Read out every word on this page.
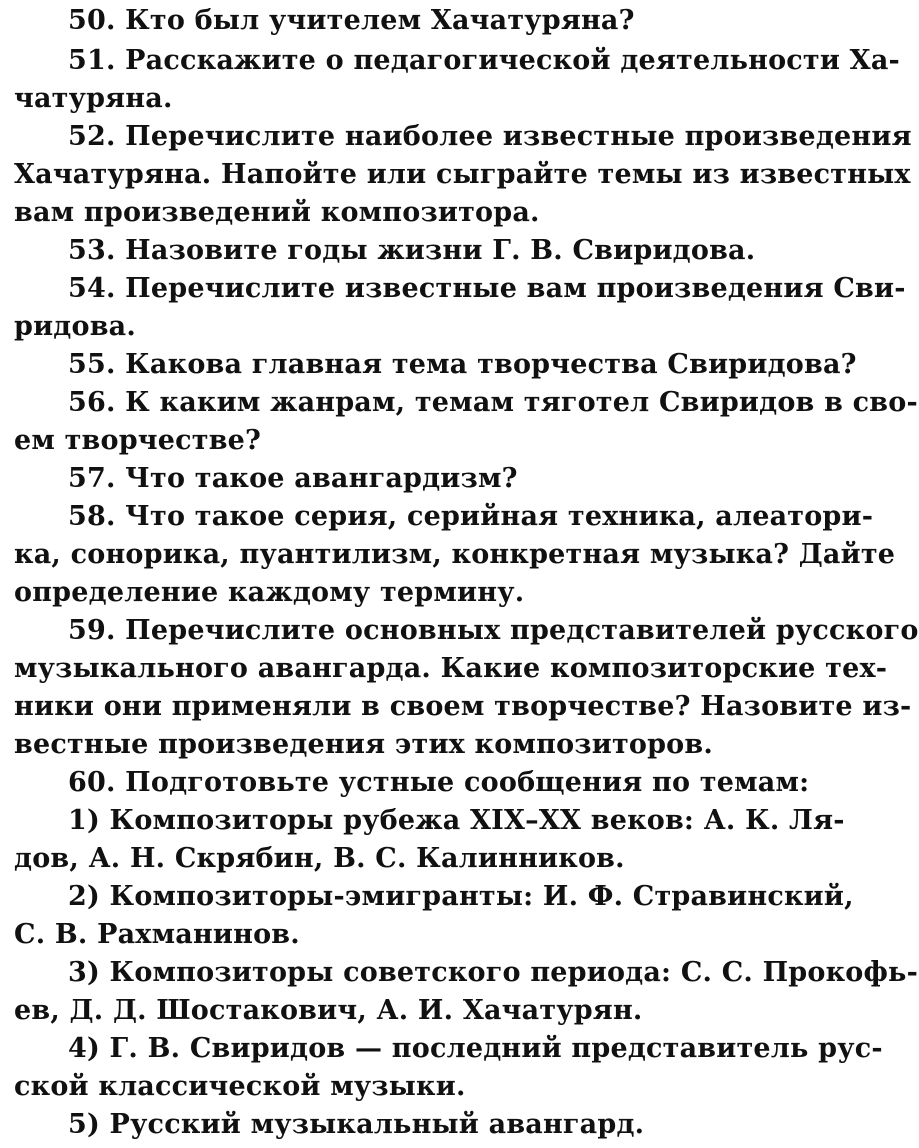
50. Кто был учителем Хачатуряна?
51. Расскажите о педагогической деятельности Ха-
чатуряна.
52. Перечислите наиболее известные произведения
Хачатуряна. Напойте или сыграйте темы из известных
вам произведений композитора.
53. Назовите годы жизни Г. В. Свиридова.
54. Перечислите известные вам произведения Сви-
ридова.
55. Какова главная тема творчества Свиридова?
56. К каким жанрам, темам тяготел Свиридов в сво-
ем творчестве?
57. Что такое авангардизм?
58. Что такое серия, серийная техника, алеатори-
ка, сонорика, пуантилизм, конкретная музыка? Дайте
определение каждому термину.
59. Перечислите основных представителей русского
музыкального авангарда. Какие композиторские тех-
ники они применяли в своем творчестве? Назовите из-
вестные произведения этих композиторов.
60. Подготовьте устные сообщения по темам:
1) Композиторы рубежа XIX–XX веков: А. К. Ля-
дов, А. Н. Скрябин, В. С. Калинников.
2) Композиторы-эмигранты: И. Ф. Стравинский,
С. В. Рахманинов.
3) Композиторы советского периода: С. С. Прокофь-
ев, Д. Д. Шостакович, А. И. Хачатурян.
4) Г. В. Свиридов — последний представитель рус-
ской классической музыки.
5) Русский музыкальный авангард.
